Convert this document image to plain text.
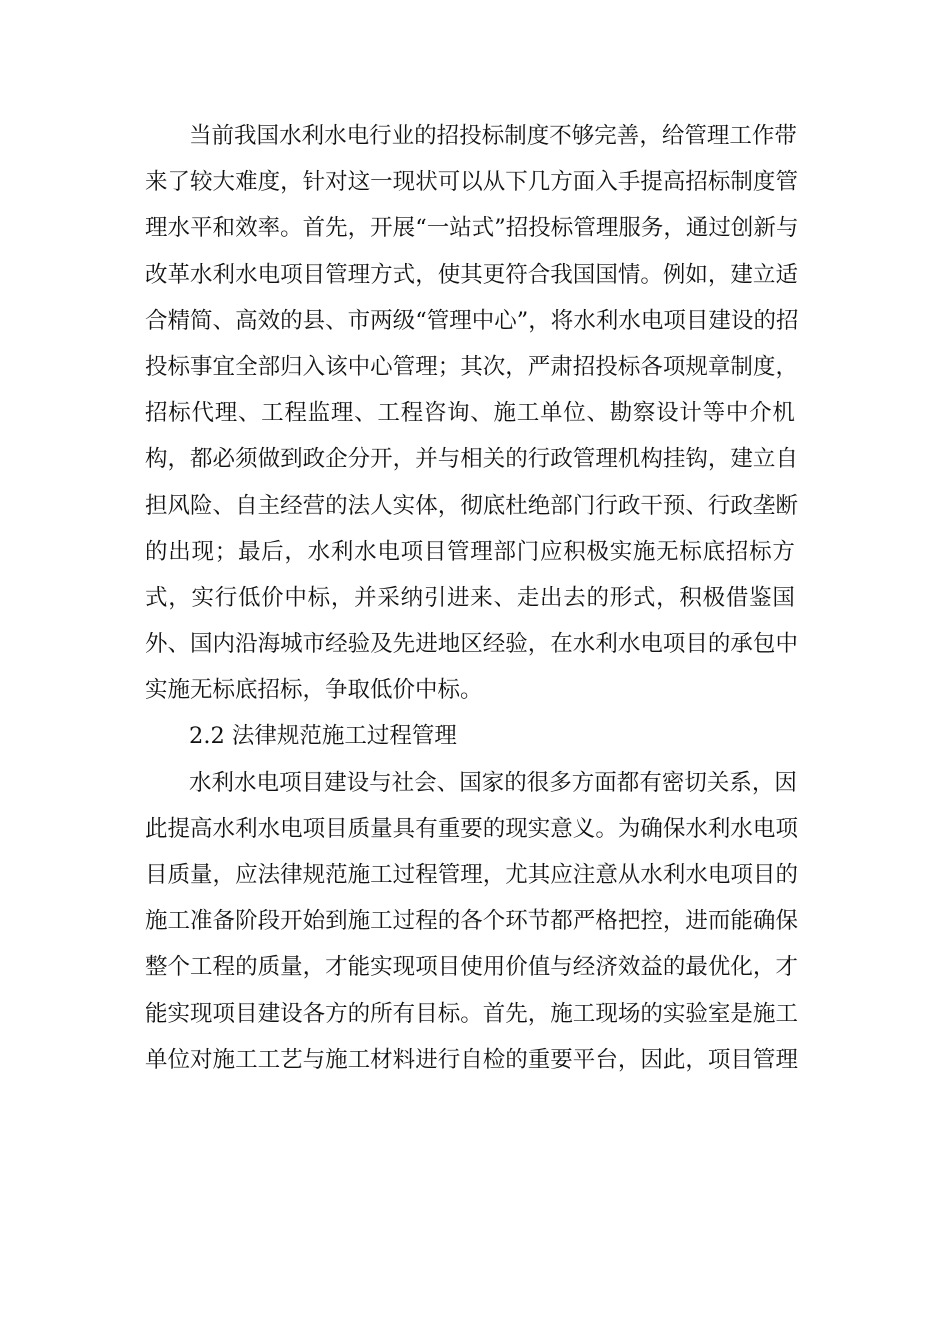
当 前 我 国 水 利 水 电 行 业 的 招 投 标 制 度 不 够 完 善 ， 给 管 理 工 作 带
来 了 较 大 难 度 ， 针 对 这 一 现 状 可 以 从 下 几 方 面 入 手 提 高 招 标 制 度 管
理 水 平 和 效 率 。 首 先 ， 开 展 “ 一 站 式 ” 招 投 标 管 理 服 务 ， 通 过 创 新 与
改 革 水 利 水 电 项 目 管 理 方 式 ， 使 其 更 符 合 我 国 国 情 。 例 如 ， 建 立 适
合 精 简 、 高 效 的 县 、 市 两 级 “ 管 理 中 心 ” ， 将 水 利 水 电 项 目 建 设 的 招
投 标 事 宜 全 部 归 入 该 中 心 管 理 ； 其 次 ， 严 肃 招 投 标 各 项 规 章 制 度 ，
招 标 代 理 、 工 程 监 理 、 工 程 咨 询 、 施 工 单 位 、 勘 察 设 计 等 中 介 机
构 ， 都 必 须 做 到 政 企 分 开 ， 并 与 相 关 的 行 政 管 理 机 构 挂 钩 ， 建 立 自
担 风 险 、 自 主 经 营 的 法 人 实 体 ， 彻 底 杜 绝 部 门 行 政 干 预 、 行 政 垄 断
的 出 现 ； 最 后 ， 水 利 水 电 项 目 管 理 部 门 应 积 极 实 施 无 标 底 招 标 方
式 ， 实 行 低 价 中 标 ， 并 采 纳 引 进 来 、 走 出 去 的 形 式 ， 积 极 借 鉴 国
外 、 国 内 沿 海 城 市 经 验 及 先 进 地 区 经 验 ， 在 水 利 水 电 项 目 的 承 包 中
实施无标底招标，争取低价中标。
2.2 法律规范施工过程管理
水 利 水 电 项 目 建 设 与 社 会 、 国 家 的 很 多 方 面 都 有 密 切 关 系 ， 因
此 提 高 水 利 水 电 项 目 质 量 具 有 重 要 的 现 实 意 义 。 为 确 保 水 利 水 电 项
目 质 量 ， 应 法 律 规 范 施 工 过 程 管 理 ， 尤 其 应 注 意 从 水 利 水 电 项 目 的
施 工 准 备 阶 段 开 始 到 施 工 过 程 的 各 个 环 节 都 严 格 把 控 ， 进 而 能 确 保
整 个 工 程 的 质 量 ， 才 能 实 现 项 目 使 用 价 值 与 经 济 效 益 的 最 优 化 ， 才
能 实 现 项 目 建 设 各 方 的 所 有 目 标 。 首 先 ， 施 工 现 场 的 实 验 室 是 施 工
单 位 对 施 工 工 艺 与 施 工 材 料 进 行 自 检 的 重 要 平 台 ， 因 此 ， 项 目 管 理
